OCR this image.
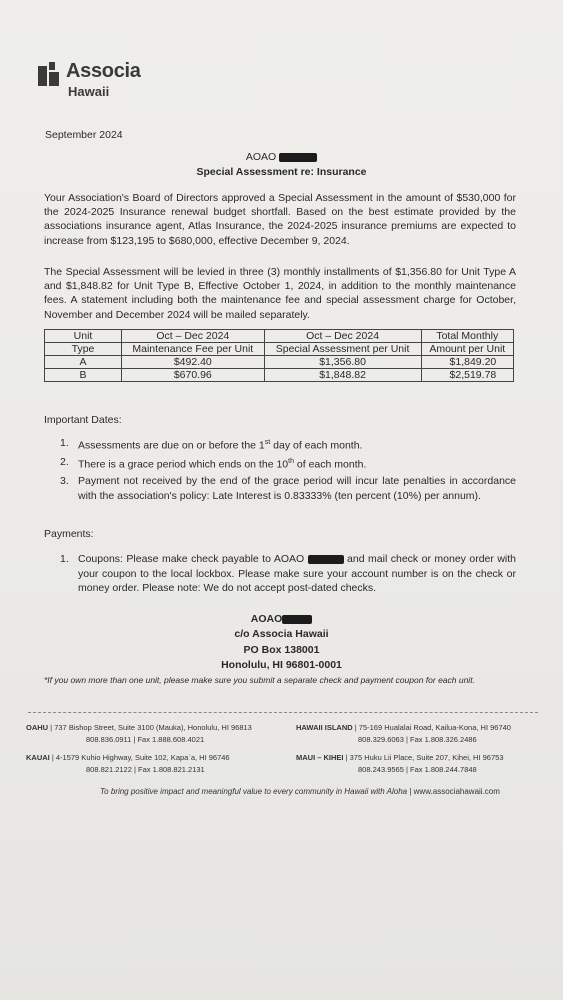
Associa
Hawaii
September 2024
AOAO
Special Assessment re: Insurance
Your Association's Board of Directors approved a Special Assessment in the amount of $530,000 for the 2024-2025 Insurance renewal budget shortfall. Based on the best estimate provided by the associations insurance agent, Atlas Insurance, the 2024-2025 insurance premiums are expected to increase from $123,195 to $680,000, effective December 9, 2024.
The Special Assessment will be levied in three (3) monthly installments of $1,356.80 for Unit Type A and $1,848.82 for Unit Type B, Effective October 1, 2024, in addition to the monthly maintenance fees. A statement including both the maintenance fee and special assessment charge for October, November and December 2024 will be mailed separately.
Unit	Oct – Dec 2024	Oct – Dec 2024	Total Monthly
Type	Maintenance Fee per Unit	Special Assessment per Unit	Amount per Unit
A	$492.40	$1,356.80	$1,849.20
B	$670.96	$1,848.82	$2,519.78
Important Dates:
1. Assessments are due on or before the 1st day of each month.
2. There is a grace period which ends on the 10th of each month.
3. Payment not received by the end of the grace period will incur late penalties in accordance with the association's policy: Late Interest is 0.83333% (ten percent (10%) per annum).
Payments:
1. Coupons: Please make check payable to AOAO	and mail check or money order with your coupon to the local lockbox. Please make sure your account number is on the check or money order. Please note: We do not accept post-dated checks.
AOAO
c/o Associa Hawaii
PO Box 138001
Honolulu, HI 96801-0001
*If you own more than one unit, please make sure you submit a separate check and payment coupon for each unit.
OAHU | 737 Bishop Street, Suite 3100 (Mauka), Honolulu, HI 96813
808.836.0911 | Fax 1.888.608.4021
HAWAII ISLAND | 75-169 Hualalai Road, Kailua-Kona, HI 96740
808.329.6063 | Fax 1.808.326.2486
KAUAI | 4-1579 Kuhio Highway, Suite 102, Kapa`a, HI 96746
808.821.2122 | Fax 1.808.821.2131
MAUI – KIHEI | 375 Huku Lii Place, Suite 207, Kihei, HI 96753
808.243.9565 | Fax 1.808.244.7848
To bring positive impact and meaningful value to every community in Hawaii with Aloha | www.associahawaii.com
